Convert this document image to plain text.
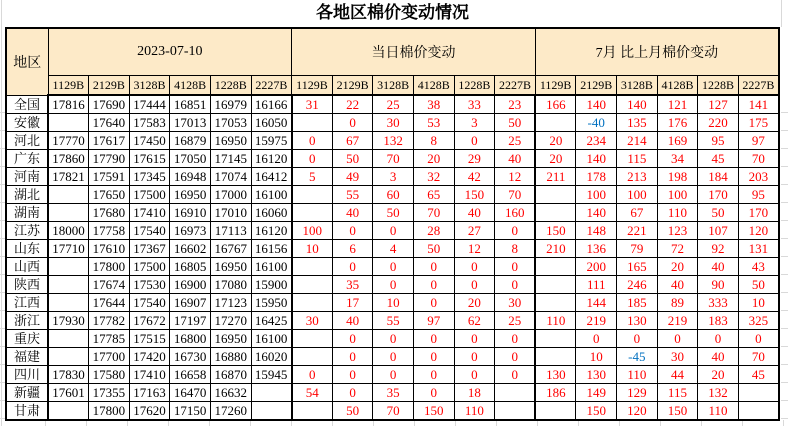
各地区棉价变动情况
地区	2023-07-10						当日棉价变动						7月 比上月棉价变动					
	1129B	2129B	3128B	4128B	1228B	2227B	1129B	2129B	3128B	4128B	1228B	2227B	1129B	2129B	3128B	4128B	1228B	2227B
全国	17816	17690	17444	16851	16979	16166	31	22	25	38	33	23	166	140	140	121	127	141
安徽		17640	17583	17013	17053	16050		0	30	53	3	50		-40	135	176	220	175
河北	17770	17617	17450	16879	16950	15975	0	67	132	8	0	25	20	234	214	169	95	97
广东	17860	17790	17615	17050	17145	16120	0	50	70	20	29	40	20	140	115	34	45	70
河南	17821	17591	17345	16948	17074	16412	5	49	3	32	42	12	211	178	213	198	184	203
湖北		17650	17500	16950	17000	16100		55	60	65	150	70		100	100	100	170	95
湖南		17680	17410	16910	17010	16060		40	50	70	40	160		140	67	110	50	170
江苏	18000	17758	17540	16973	17113	16120	100	0	0	28	27	0	150	148	221	123	107	120
山东	17710	17610	17367	16602	16767	16156	10	6	4	50	12	8	210	136	79	72	92	131
山西		17800	17500	16805	16950	16100		0	0	0	0	0		200	165	20	40	43
陕西		17674	17530	16900	17080	15900		35	0	0	0	0		111	246	40	90	50
江西		17644	17540	16907	17123	15950		17	10	0	20	30		144	185	89	333	10
浙江	17930	17782	17672	17197	17270	16425	30	40	55	97	62	25	110	219	130	219	183	325
重庆		17785	17515	16800	16950	16100		0	0	0	0	0		0	0	0	0	0
福建		17700	17420	16730	16880	16020		0	0	0	0	0		10	-45	30	40	70
四川	17830	17580	17410	16658	16870	15945	0	0	0	0	0	0	130	130	110	44	20	45
新疆	17601	17355	17163	16470	16632		54	0	35	0	18		186	149	129	115	132	
甘肃		17800	17620	17150	17260			50	70	150	110			150	120	150	110	
